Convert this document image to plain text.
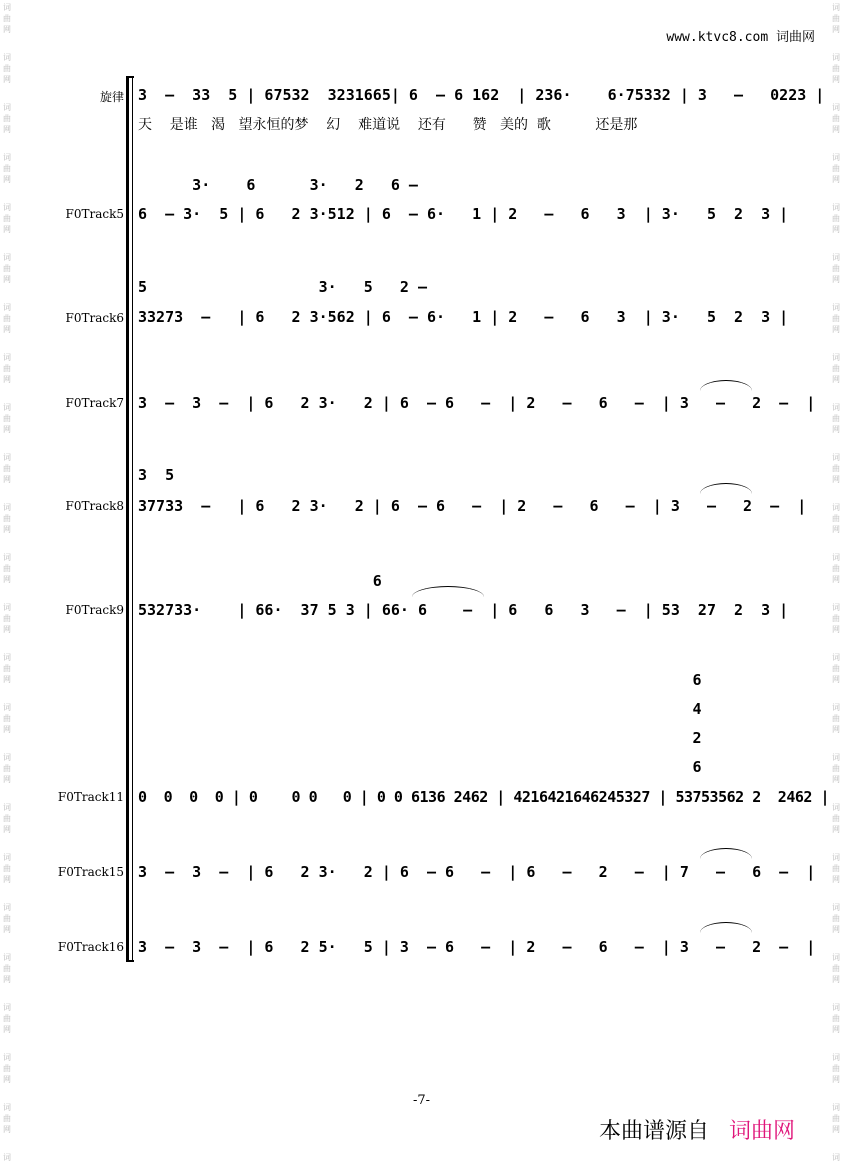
词
曲
网
词
曲
网
词
曲
网
词
曲
网
词
曲
网
词
曲
网
词
曲
网
词
曲
网
词
曲
网
词
曲
网
词
曲
网
词
曲
网
词
曲
网
词
曲
网
词
曲
网
词
曲
网
词
曲
网
词
曲
网
词
曲
网
词
曲
网
词
曲
网
词
曲
网
词
曲
网
词
词
曲
网
词
曲
网
词
曲
网
词
曲
网
词
曲
网
词
曲
网
词
曲
网
词
曲
网
词
曲
网
词
曲
网
词
曲
网
词
曲
网
词
曲
网
词
曲
网
词
曲
网
词
曲
网
词
曲
网
词
曲
网
词
曲
网
词
曲
网
词
曲
网
词
曲
网
词
曲
网
词
www.ktvc8.com 词曲网
旋律 3  –  33  5 | 67532  3231665| 6  – 6 162  | 236·    6·75332 | 3   –   0223 |
天    是谁   渴   望永恒的梦    幻    难道说    还有      赞   美的  歌          还是那
3·    6      3·   2   6 –
F0Track5 6  – 3·  5 | 6   2 3·512 | 6  – 6·   1 | 2   –   6   3  | 3·   5  2  3 |
5                   3·   5   2 –
F0Track6 33273  –   | 6   2 3·562 | 6  – 6·   1 | 2   –   6   3  | 3·   5  2  3 |
F0Track7 3  –  3  –  | 6   2 3·   2 | 6  – 6   –  | 2   –   6   –  | 3   –   2  –  |
3  5
F0Track8 37733  –   | 6   2 3·   2 | 6  – 6   –  | 2   –   6   –  | 3   –   2  –  |
6
F0Track9 532733·    | 66·  37 5 3 | 66· 6    –  | 6   6   3   –  | 53  27  2  3 |
6
4
2
6
F0Track11 0  0  0  0 | 0    0 0   0 | 0 0 6136 2462 | 4216421646245327 | 53753562 2  2462 |
F0Track15 3  –  3  –  | 6   2 3·   2 | 6  – 6   –  | 6   –   2   –  | 7   –   6  –  |
F0Track16 3  –  3  –  | 6   2 5·   5 | 3  – 6   –  | 2   –   6   –  | 3   –   2  –  |
-7-
本曲谱源自 词曲网
